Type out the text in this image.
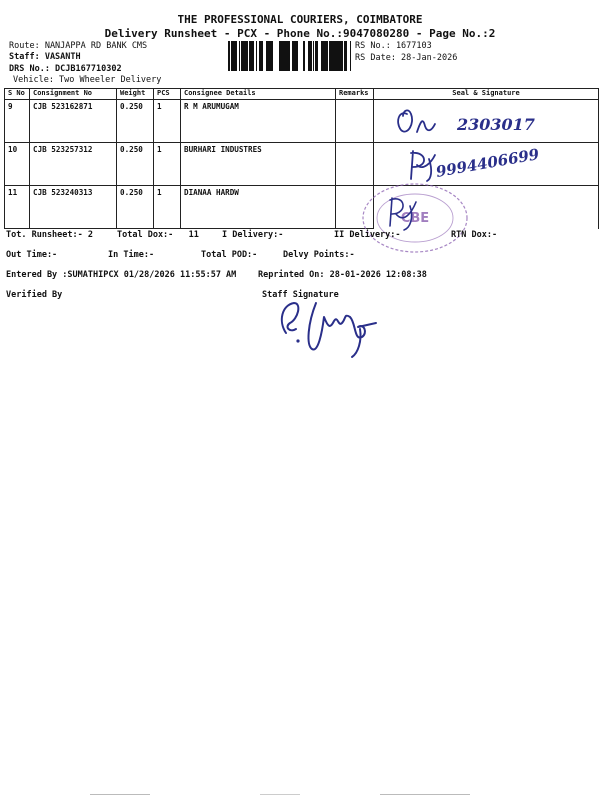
THE PROFESSIONAL COURIERS, COIMBATORE
Delivery Runsheet - PCX - Phone No.:9047080280 - Page No.:2
Route: NANJAPPA RD BANK CMS
Staff: VASANTH
DRS No.: DCJB167710302
Vehicle: Two Wheeler Delivery
RS No.: 1677103
RS Date: 28-Jan-2026
S No	Consignment No	Weight	PCS	Consignee Details	Remarks	Seal & Signature
9	CJB 523162871	0.250	1	R M ARUMUGAM		2303017

10	CJB 523257312	0.250	1	BURHARI INDUSTRES		9994406699

11	CJB 523240313	0.250	1	DIANAA HARDW		
CBE
Tot. Runsheet:- 2	Total Dox:-   11	I Delivery:-	II Delivery:-	RTN Dox:-
Out Time:-	In Time:-	Total POD:-	Delvy Points:-
Entered By :SUMATHIPCX 01/28/2026 11:55:57 AM	Reprinted On: 28-01-2026 12:08:38
Verified By	Staff Signature
